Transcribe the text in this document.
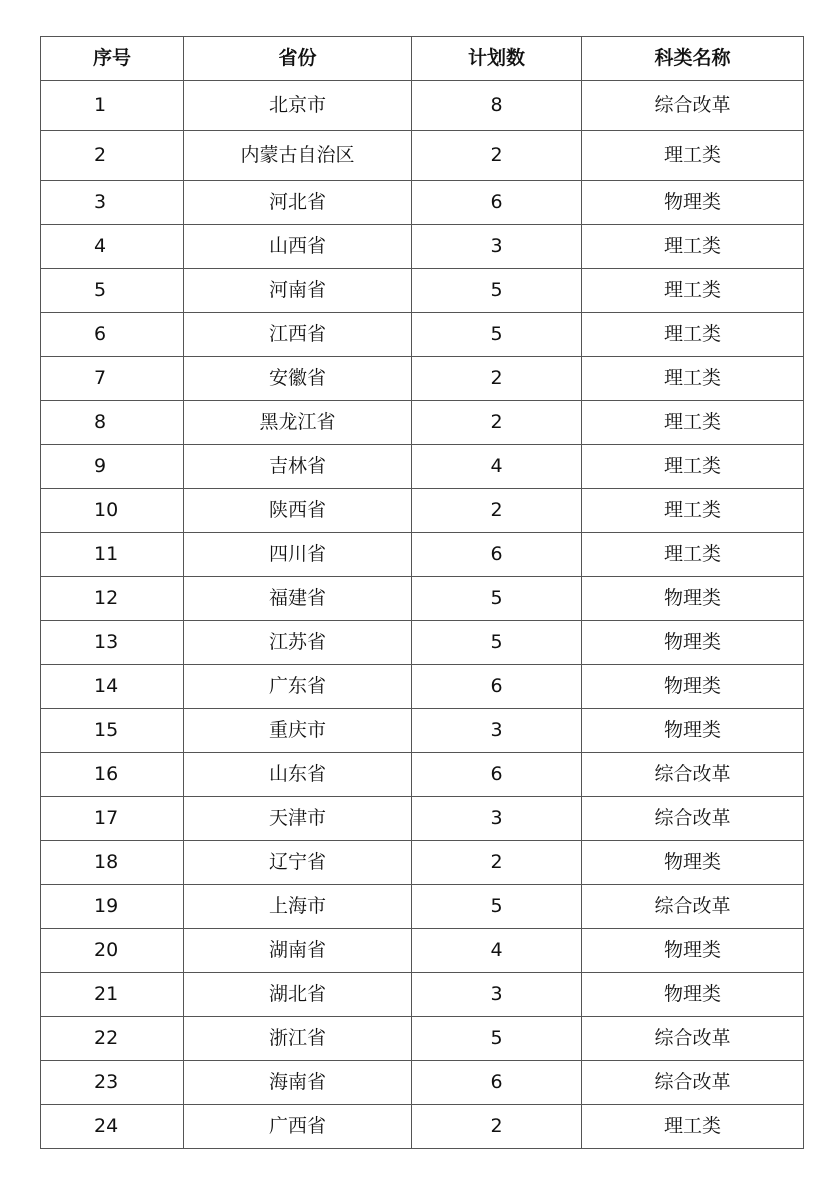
序号	省份	计划数	科类名称
1	北京市	8	综合改革
2	内蒙古自治区	2	理工类
3	河北省	6	物理类
4	山西省	3	理工类
5	河南省	5	理工类
6	江西省	5	理工类
7	安徽省	2	理工类
8	黑龙江省	2	理工类
9	吉林省	4	理工类
10	陕西省	2	理工类
11	四川省	6	理工类
12	福建省	5	物理类
13	江苏省	5	物理类
14	广东省	6	物理类
15	重庆市	3	物理类
16	山东省	6	综合改革
17	天津市	3	综合改革
18	辽宁省	2	物理类
19	上海市	5	综合改革
20	湖南省	4	物理类
21	湖北省	3	物理类
22	浙江省	5	综合改革
23	海南省	6	综合改革
24	广西省	2	理工类
